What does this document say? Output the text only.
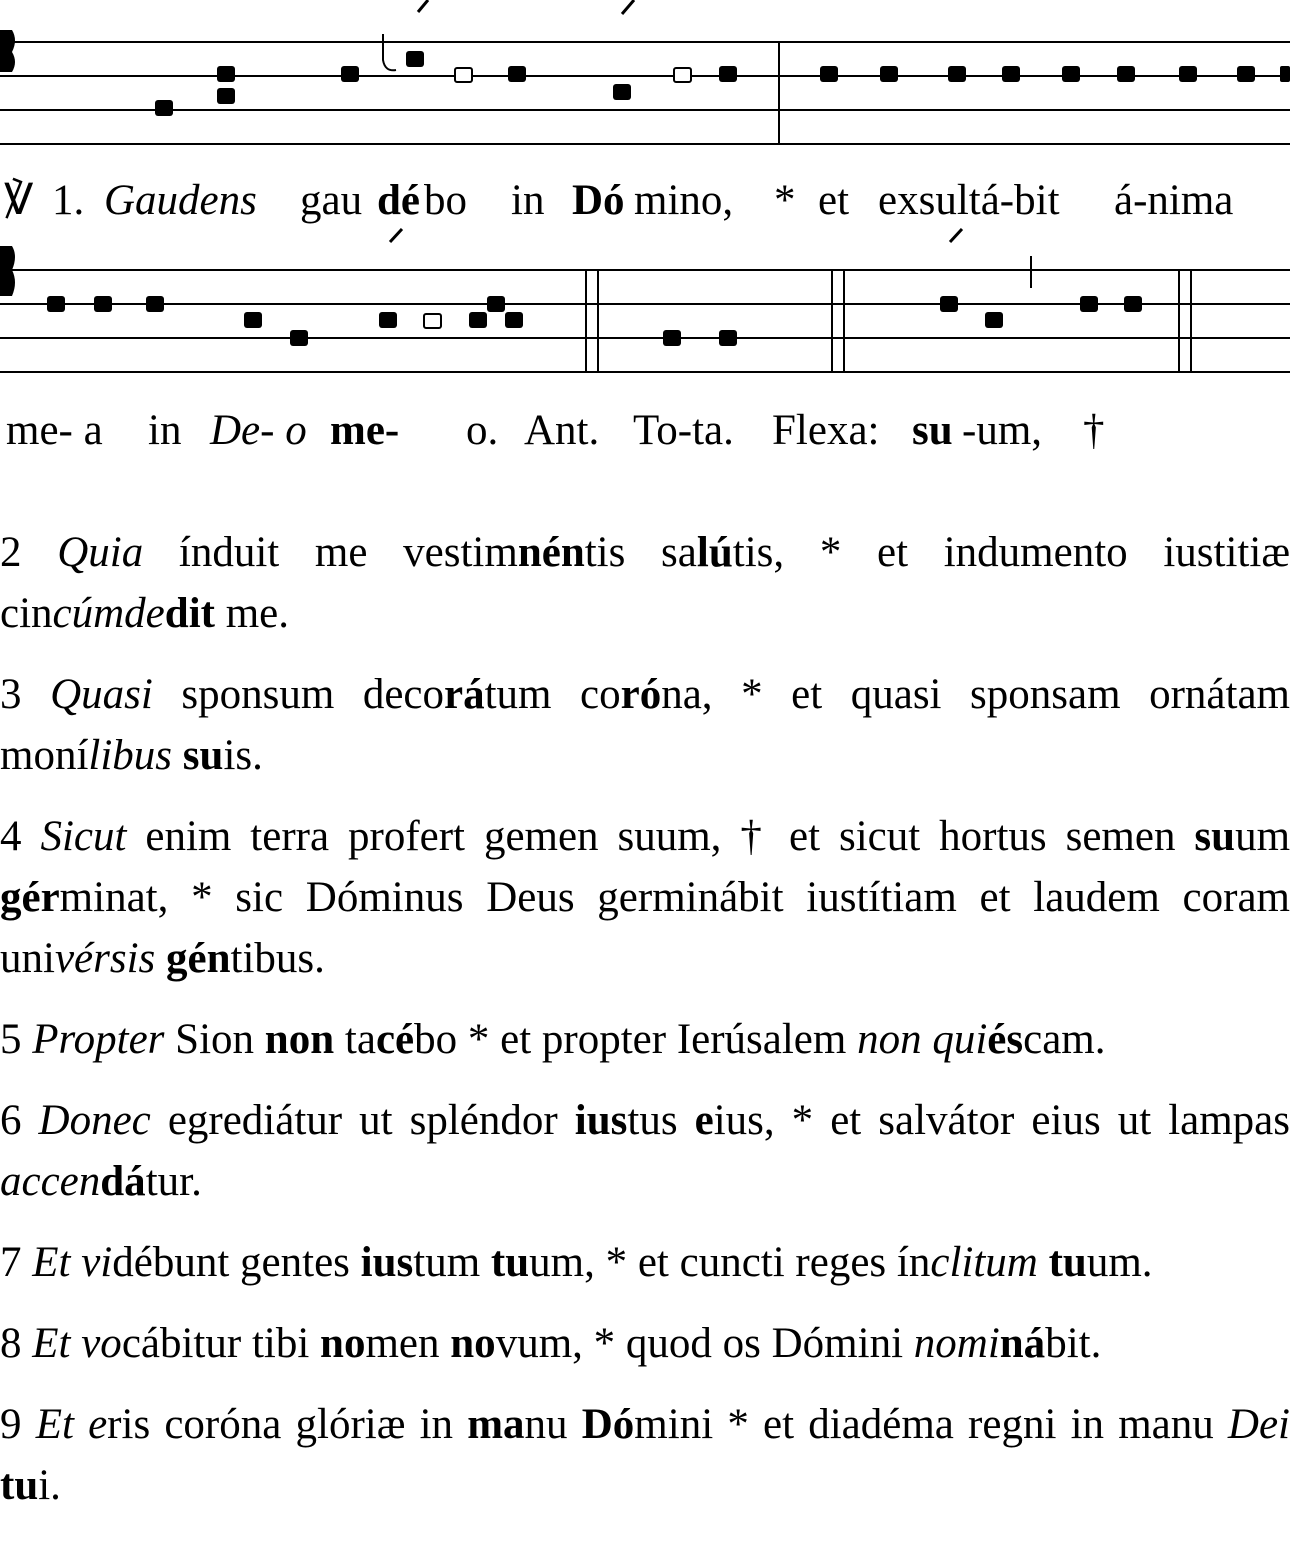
℣ 1. Gaudens gau dé bo in Dó mino, * et exsultá-bit á-nima
me- a in De- o me- o. Ant. To-ta. Flexa: su -um, †

2 Quia índuit me vestimnéntis salútis, * et indumento iustitiæ cincúmdedit me.

3 Quasi sponsum decorátum coróna, * et quasi sponsam ornátam monílibus suis.

4 Sicut enim terra profert gemen suum, † et sicut hortus semen suum gérminat, * sic Dóminus Deus germinábit iustítiam et laudem coram univérsis géntibus.

5 Propter Sion non tacébo * et propter Ierúsalem non quiéscam.

6 Donec egrediátur ut spléndor iustus eius, * et salvátor eius ut lampas accendátur.

7 Et vidébunt gentes iustum tuum, * et cuncti reges ínclitum tuum.

8 Et vocábitur tibi nomen novum, * quod os Dómini nominábit.

9 Et eris coróna glóriæ in manu Dómini * et diadéma regni in manu Dei tui.
